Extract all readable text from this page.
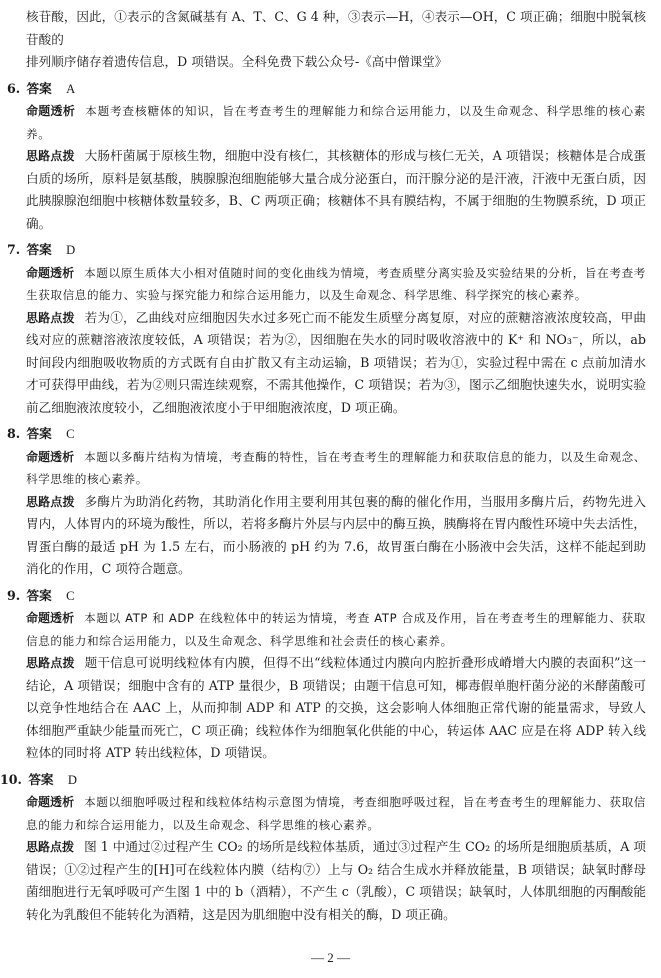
核苷酸，因此，①表示的含氮碱基有 A、T、C、G 4 种，③表示—H，④表示—OH，C 项正确；细胞中脱氧核苷酸的

排列顺序储存着遗传信息，D 项错误。全科免费下载公众号-《高中僧课堂》

6. 答案 A

命题透析 本题考查核糖体的知识，旨在考查考生的理解能力和综合运用能力，以及生命观念、科学思维的核心素养。

思路点拨 大肠杆菌属于原核生物，细胞中没有核仁，其核糖体的形成与核仁无关，A 项错误；核糖体是合成蛋白质的场所，原料是氨基酸，胰腺腺泡细胞能够大量合成分泌蛋白，而汗腺分泌的是汗液，汗液中无蛋白质，因此胰腺腺泡细胞中核糖体数量较多，B、C 两项正确；核糖体不具有膜结构，不属于细胞的生物膜系统，D 项正确。

7. 答案 D

命题透析 本题以原生质体大小相对值随时间的变化曲线为情境，考查质壁分离实验及实验结果的分析，旨在考查考生获取信息的能力、实验与探究能力和综合运用能力，以及生命观念、科学思维、科学探究的核心素养。

思路点拨 若为①，乙曲线对应细胞因失水过多死亡而不能发生质壁分离复原，对应的蔗糖溶液浓度较高，甲曲线对应的蔗糖溶液浓度较低，A 项错误；若为②，因细胞在失水的同时吸收溶液中的 K⁺ 和 NO₃⁻，所以，ab 时间段内细胞吸收物质的方式既有自由扩散又有主动运输，B 项错误；若为①，实验过程中需在 c 点前加清水才可获得甲曲线，若为②则只需连续观察，不需其他操作，C 项错误；若为③，图示乙细胞快速失水，说明实验前乙细胞液浓度较小，乙细胞液浓度小于甲细胞液浓度，D 项正确。

8. 答案 C

命题透析 本题以多酶片结构为情境，考查酶的特性，旨在考查考生的理解能力和获取信息的能力，以及生命观念、科学思维的核心素养。

思路点拨 多酶片为助消化药物，其助消化作用主要利用其包裹的酶的催化作用，当服用多酶片后，药物先进入胃内，人体胃内的环境为酸性，所以，若将多酶片外层与内层中的酶互换，胰酶将在胃内酸性环境中失去活性，胃蛋白酶的最适 pH 为 1.5 左右，而小肠液的 pH 约为 7.6，故胃蛋白酶在小肠液中会失活，这样不能起到助消化的作用，C 项符合题意。

9. 答案 C

命题透析 本题以 ATP 和 ADP 在线粒体中的转运为情境，考查 ATP 合成及作用，旨在考查考生的理解能力、获取信息的能力和综合运用能力，以及生命观念、科学思维和社会责任的核心素养。

思路点拨 题干信息可说明线粒体有内膜，但得不出“线粒体通过内膜向内腔折叠形成嵴增大内膜的表面积”这一结论，A 项错误；细胞中含有的 ATP 量很少，B 项错误；由题干信息可知，椰毒假单胞杆菌分泌的米酵菌酸可以竞争性地结合在 AAC 上，从而抑制 ADP 和 ATP 的交换，这会影响人体细胞正常代谢的能量需求，导致人体细胞严重缺少能量而死亡，C 项正确；线粒体作为细胞氧化供能的中心，转运体 AAC 应是在将 ADP 转入线粒体的同时将 ATP 转出线粒体，D 项错误。

10. 答案 D

命题透析 本题以细胞呼吸过程和线粒体结构示意图为情境，考查细胞呼吸过程，旨在考查考生的理解能力、获取信息的能力和综合运用能力，以及生命观念、科学思维的核心素养。

思路点拨 图 1 中通过②过程产生 CO₂ 的场所是线粒体基质，通过③过程产生 CO₂ 的场所是细胞质基质，A 项错误；①②过程产生的[H]可在线粒体内膜（结构⑦）上与 O₂ 结合生成水并释放能量，B 项错误；缺氧时酵母菌细胞进行无氧呼吸可产生图 1 中的 b（酒精），不产生 c（乳酸），C 项错误；缺氧时，人体肌细胞的丙酮酸能转化为乳酸但不能转化为酒精，这是因为肌细胞中没有相关的酶，D 项正确。

— 2 —
